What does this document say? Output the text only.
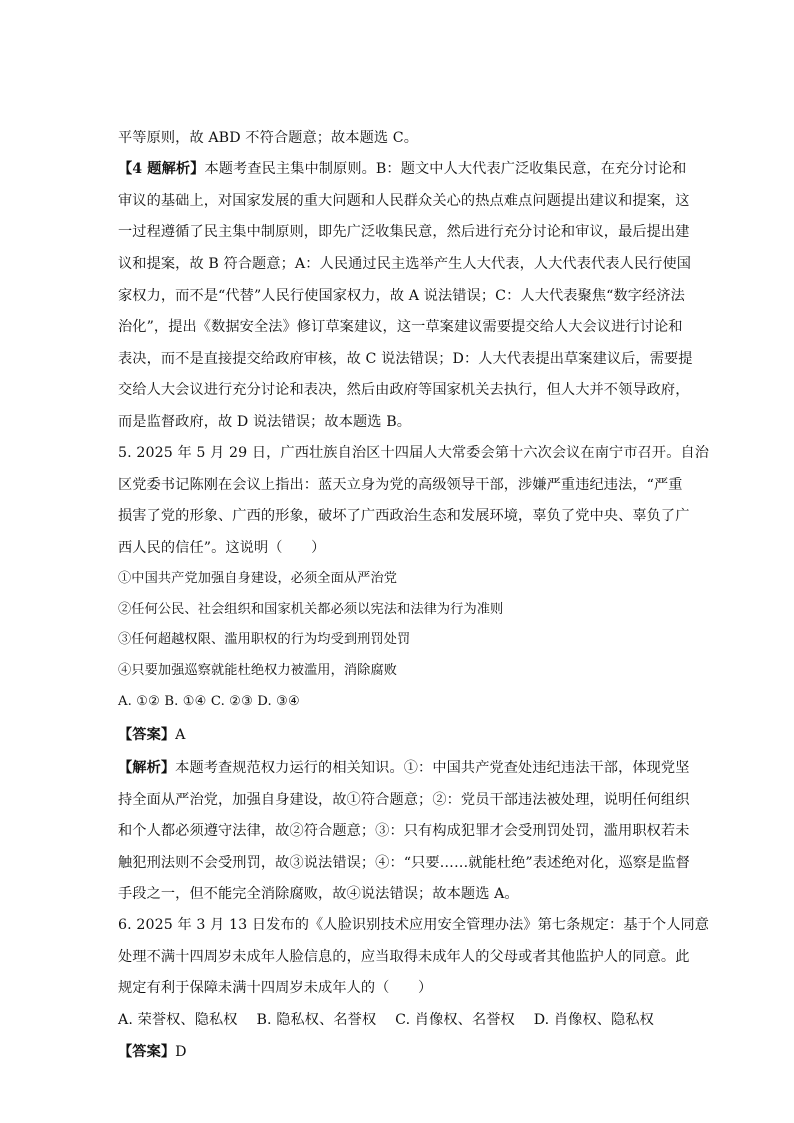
平等原则，故 ABD 不符合题意；故本题选 C。
【4 题解析】本题考查民主集中制原则。B：题文中人大代表广泛收集民意，在充分讨论和
审议的基础上，对国家发展的重大问题和人民群众关心的热点难点问题提出建议和提案，这
一过程遵循了民主集中制原则，即先广泛收集民意，然后进行充分讨论和审议，最后提出建
议和提案，故 B 符合题意；A：人民通过民主选举产生人大代表，人大代表代表人民行使国
家权力，而不是“代替”人民行使国家权力，故 A 说法错误；C：人大代表聚焦“数字经济法
治化”，提出《数据安全法》修订草案建议，这一草案建议需要提交给人大会议进行讨论和
表决，而不是直接提交给政府审核，故 C 说法错误；D：人大代表提出草案建议后，需要提
交给人大会议进行充分讨论和表决，然后由政府等国家机关去执行，但人大并不领导政府，
而是监督政府，故 D 说法错误；故本题选 B。
5. 2025 年 5 月 29 日，广西壮族自治区十四届人大常委会第十六次会议在南宁市召开。自治
区党委书记陈刚在会议上指出：蓝天立身为党的高级领导干部，涉嫌严重违纪违法，“严重
损害了党的形象、广西的形象，破坏了广西政治生态和发展环境，辜负了党中央、辜负了广
西人民的信任”。这说明（　　）
①中国共产党加强自身建设，必须全面从严治党
②任何公民、社会组织和国家机关都必须以宪法和法律为行为准则
③任何超越权限、滥用职权的行为均受到刑罚处罚
④只要加强巡察就能杜绝权力被滥用，消除腐败
A. ①② B. ①④ C. ②③ D. ③④
【答案】A
【解析】本题考查规范权力运行的相关知识。①：中国共产党查处违纪违法干部，体现党坚
持全面从严治党，加强自身建设，故①符合题意；②：党员干部违法被处理，说明任何组织
和个人都必须遵守法律，故②符合题意；③：只有构成犯罪才会受刑罚处罚，滥用职权若未
触犯刑法则不会受刑罚，故③说法错误；④：“只要……就能杜绝”表述绝对化，巡察是监督
手段之一，但不能完全消除腐败，故④说法错误；故本题选 A。
6. 2025 年 3 月 13 日发布的《人脸识别技术应用安全管理办法》第七条规定：基于个人同意
处理不满十四周岁未成年人脸信息的，应当取得未成年人的父母或者其他监护人的同意。此
规定有利于保障未满十四周岁未成年人的（　　）
A. 荣誉权、隐私权　 B. 隐私权、名誉权　 C. 肖像权、名誉权　 D. 肖像权、隐私权
【答案】D
